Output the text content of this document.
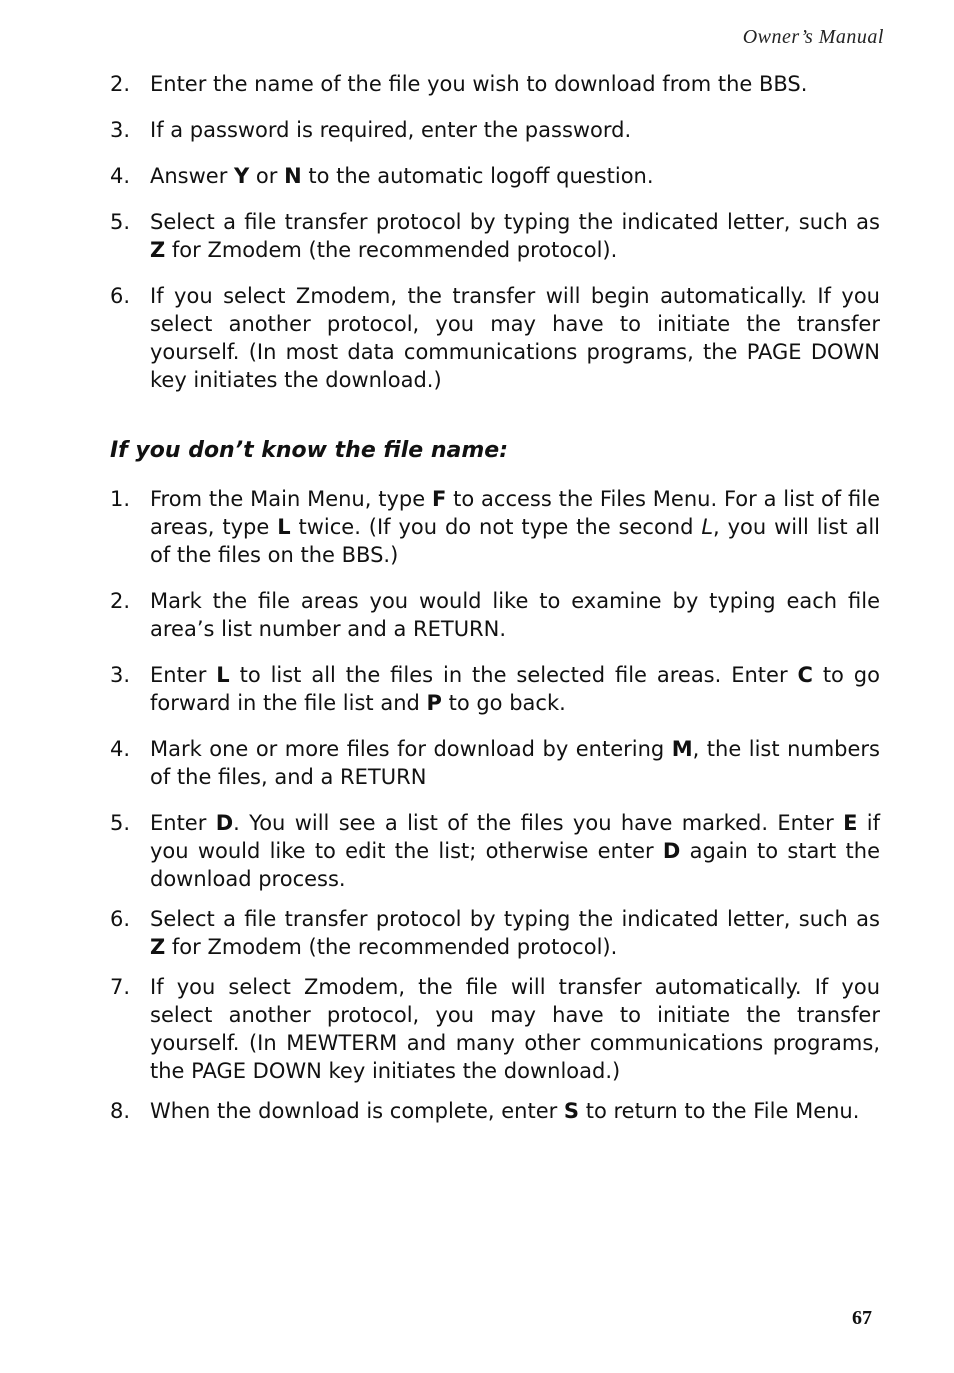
Owner’s Manual
2. Enter the name of the file you wish to download from the BBS.
3. If a password is required, enter the password.
4. Answer Y or N to the automatic logoff question.
5. Select a file transfer protocol by typing the indicated letter, such as Z for Zmodem (the recommended protocol).
6. If you select Zmodem, the transfer will begin automatically. If you select another protocol, you may have to initiate the transfer yourself. (In most data communications programs, the PAGE DOWN key initiates the download.)
If you don’t know the file name:
1. From the Main Menu, type F to access the Files Menu. For a list of file areas, type L twice. (If you do not type the second L, you will list all of the files on the BBS.)
2. Mark the file areas you would like to examine by typing each file area’s list number and a RETURN.
3. Enter L to list all the files in the selected file areas. Enter C to go forward in the file list and P to go back.
4. Mark one or more files for download by entering M, the list numbers of the files, and a RETURN
5. Enter D. You will see a list of the files you have marked. Enter E if you would like to edit the list; otherwise enter D again to start the download process.
6. Select a file transfer protocol by typing the indicated letter, such as Z for Zmodem (the recommended protocol).
7. If you select Zmodem, the file will transfer automatically. If you select another protocol, you may have to initiate the transfer yourself. (In MEWTERM and many other communications programs, the PAGE DOWN key initiates the download.)
8. When the download is complete, enter S to return to the File Menu.
67
